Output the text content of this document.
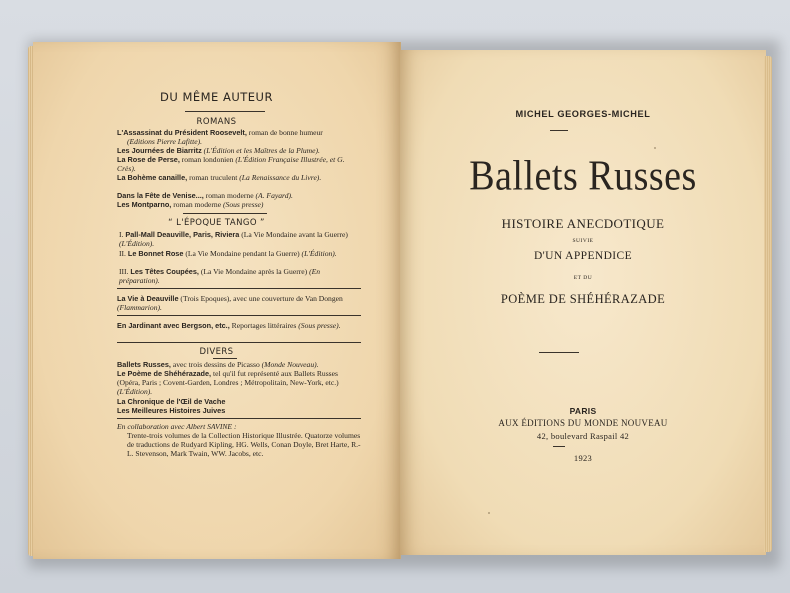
DU MÊME AUTEUR
ROMANS

L'Assassinat du Président Roosevelt, roman de bonne humeur
(Editions Pierre Lafitte).

Les Journées de Biarritz (L'Édition et les Maîtres de la Plume).

La Rose de Perse, roman londonien (L'Édition Française Illustrée, et G. Crès).

La Bohème canaille, roman truculent (La Renaissance du Livre).

Dans la Fête de Venise..., roman moderne (A. Fayard).

Les Montparno, roman moderne (Sous presse)

“ L'ÉPOQUE TANGO ”

I. Pall-Mall Deauville, Paris, Riviera (La Vie Mondaine avant la Guerre) (L'Édition).

II. Le Bonnet Rose (La Vie Mondaine pendant la Guerre) (L'Édition).

III. Les Têtes Coupées, (La Vie Mondaine après la Guerre) (En préparation).

La Vie à Deauville (Trois Epoques), avec une couverture de Van Dongen (Flammarion).

En Jardinant avec Bergson, etc., Reportages littéraires (Sous presse).

DIVERS

Ballets Russes, avec trois dessins de Picasso (Monde Nouveau).

Le Poème de Shéhérazade, tel qu'il fut représenté aux Ballets Russes (Opéra, Paris ; Covent-Garden, Londres ; Métropolitain, New-York, etc.) (L'Édition).

La Chronique de l'Œil de Vache

Les Meilleures Histoires Juives

En collaboration avec Albert SAVINE :

Trente-trois volumes de la Collection Historique Illustrée. Quatorze volumes de traductions de Rudyard Kipling, HG. Wells, Conan Doyle, Bret Harte, R.-L. Stevenson, Mark Twain, WW. Jacobs, etc.

MICHEL GEORGES-MICHEL
Ballets Russes
HISTOIRE ANECDOTIQUE
SUIVIE
D'UN APPENDICE
ET DU
POÈME DE SHÉHÉRAZADE
PARIS
AUX ÉDITIONS DU MONDE NOUVEAU
42, boulevard Raspail 42
1923
